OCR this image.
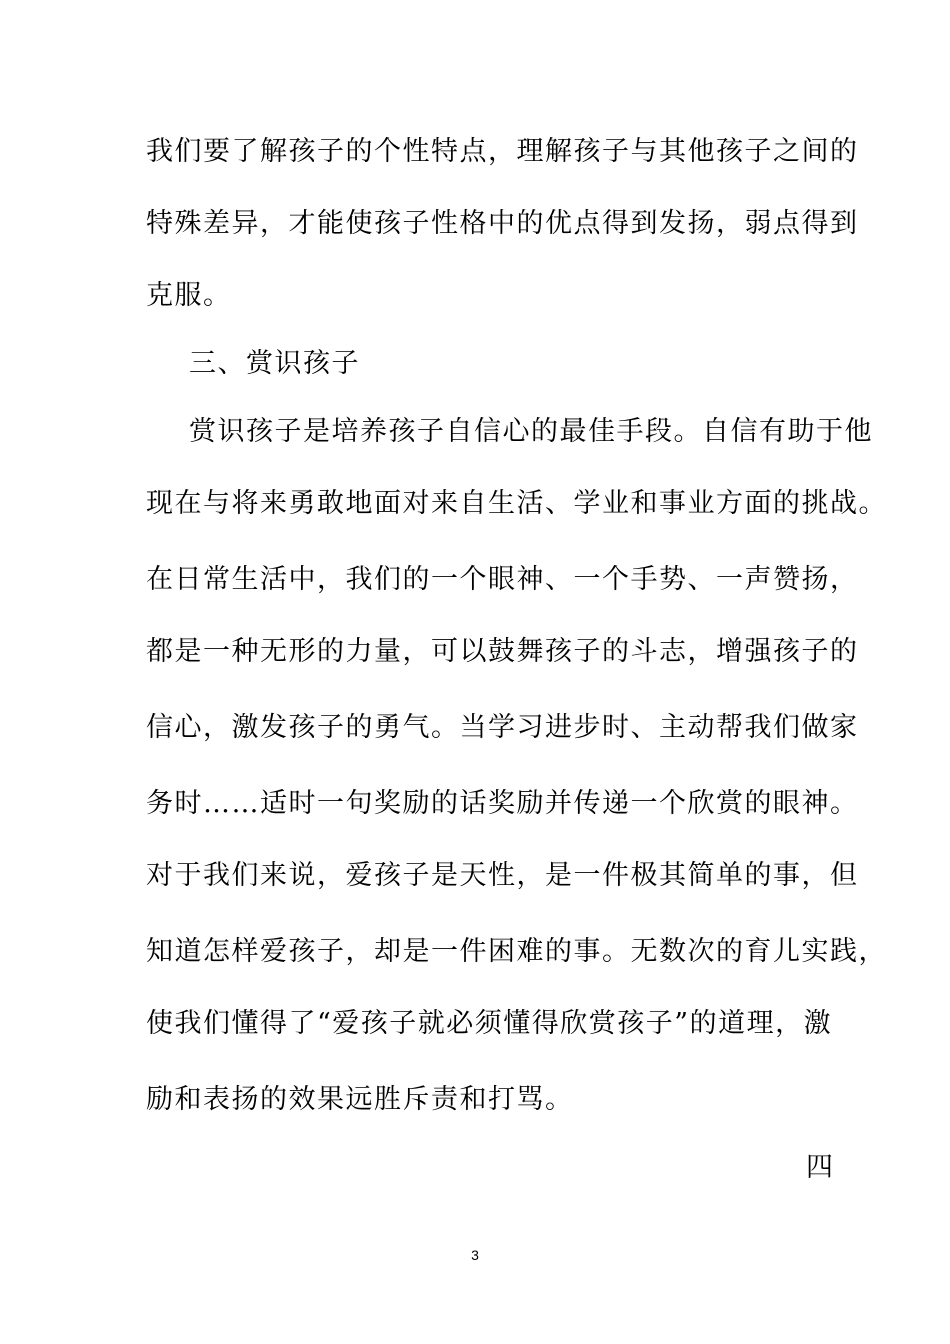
我们要了解孩子的个性特点，理解孩子与其他孩子之间的
特殊差异，才能使孩子性格中的优点得到发扬，弱点得到
克服。
三、赏识孩子
赏识孩子是培养孩子自信心的最佳手段。自信有助于他
现在与将来勇敢地面对来自生活、学业和事业方面的挑战。
在日常生活中，我们的一个眼神、一个手势、一声赞扬，
都是一种无形的力量，可以鼓舞孩子的斗志，增强孩子的
信心，激发孩子的勇气。当学习进步时、主动帮我们做家
务时……适时一句奖励的话奖励并传递一个欣赏的眼神。
对于我们来说，爱孩子是天性，是一件极其简单的事，但
知道怎样爱孩子，却是一件困难的事。无数次的育儿实践，
使我们懂得了“爱孩子就必须懂得欣赏孩子”的道理，激
励和表扬的效果远胜斥责和打骂。
四
3
